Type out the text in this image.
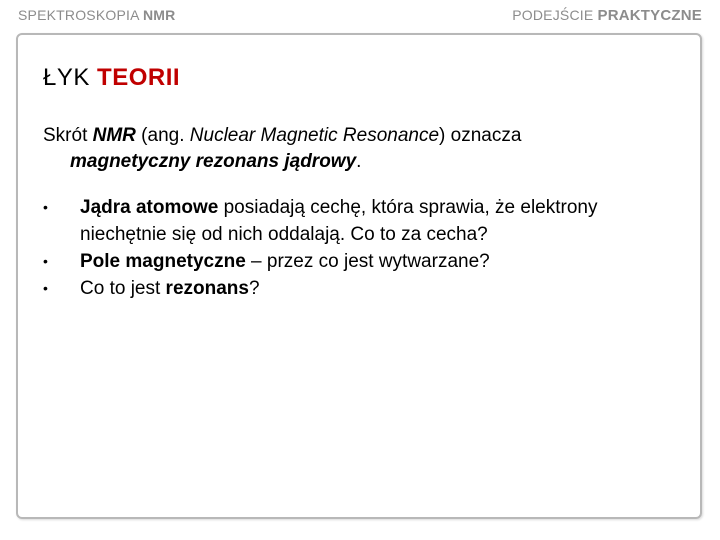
SPEKTROSKOPIA NMR	PODEJŚCIE PRAKTYCZNE
ŁYK TEORII
Skrót NMR (ang. Nuclear Magnetic Resonance) oznacza
magnetyczny rezonans jądrowy.
• Jądra atomowe posiadają cechę, która sprawia, że elektrony niechętnie się od nich oddalają. Co to za cecha?
• Pole magnetyczne – przez co jest wytwarzane?
• Co to jest rezonans?
